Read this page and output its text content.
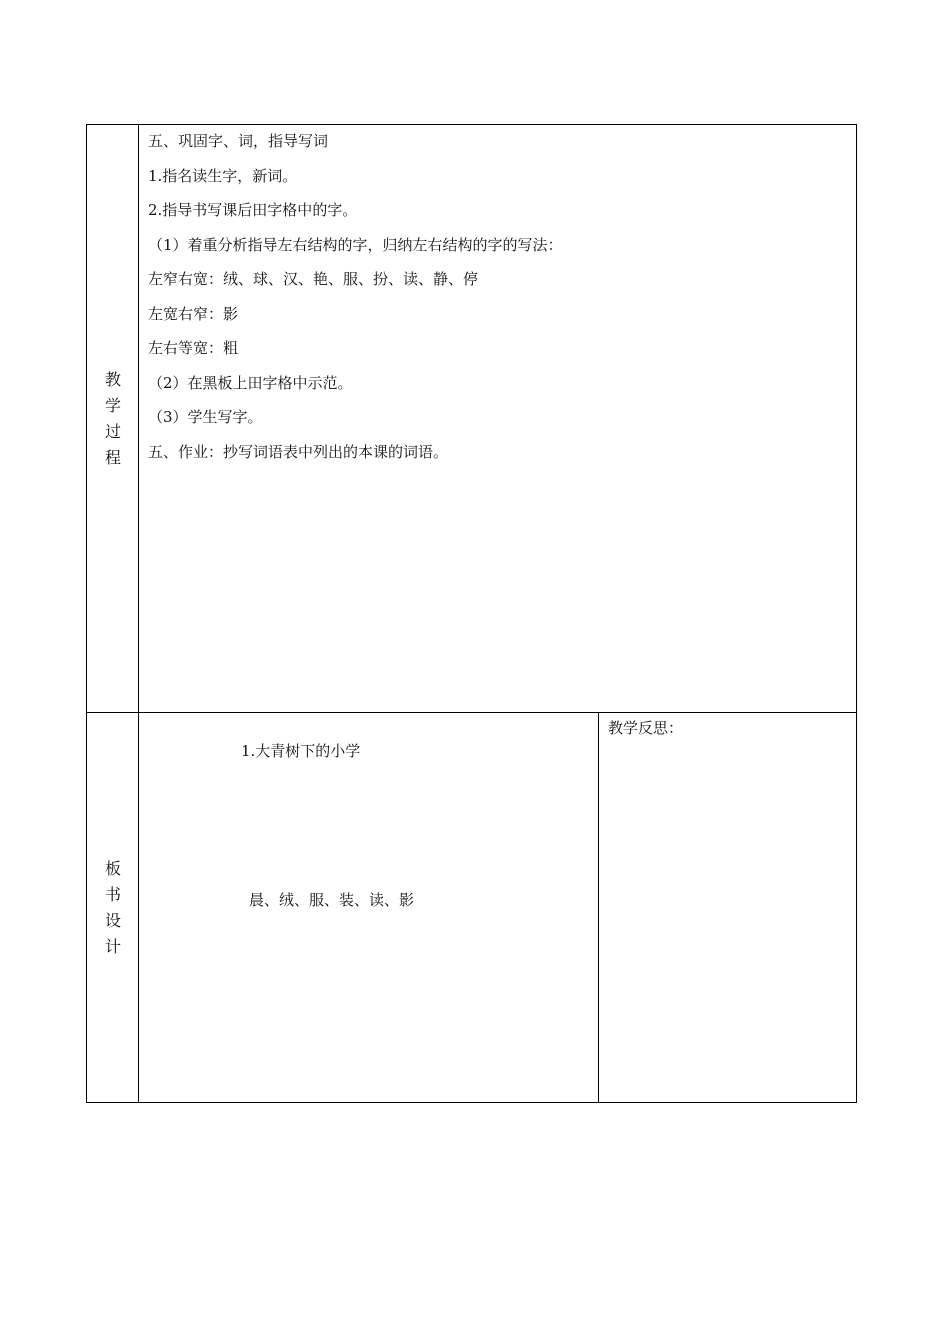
教
学
过
程
五、巩固字、词，指导写词
1.指名读生字，新词。
2.指导书写课后田字格中的字。
（1）着重分析指导左右结构的字，归纳左右结构的字的写法：
左窄右宽：绒、球、汉、艳、服、扮、读、静、停
左宽右窄：影
左右等宽：粗
（2）在黑板上田字格中示范。
（3）学生写字。
五、作业：抄写词语表中列出的本课的词语。
板
书
设
计
1.大青树下的小学
晨、绒、服、装、读、影
教学反思：
